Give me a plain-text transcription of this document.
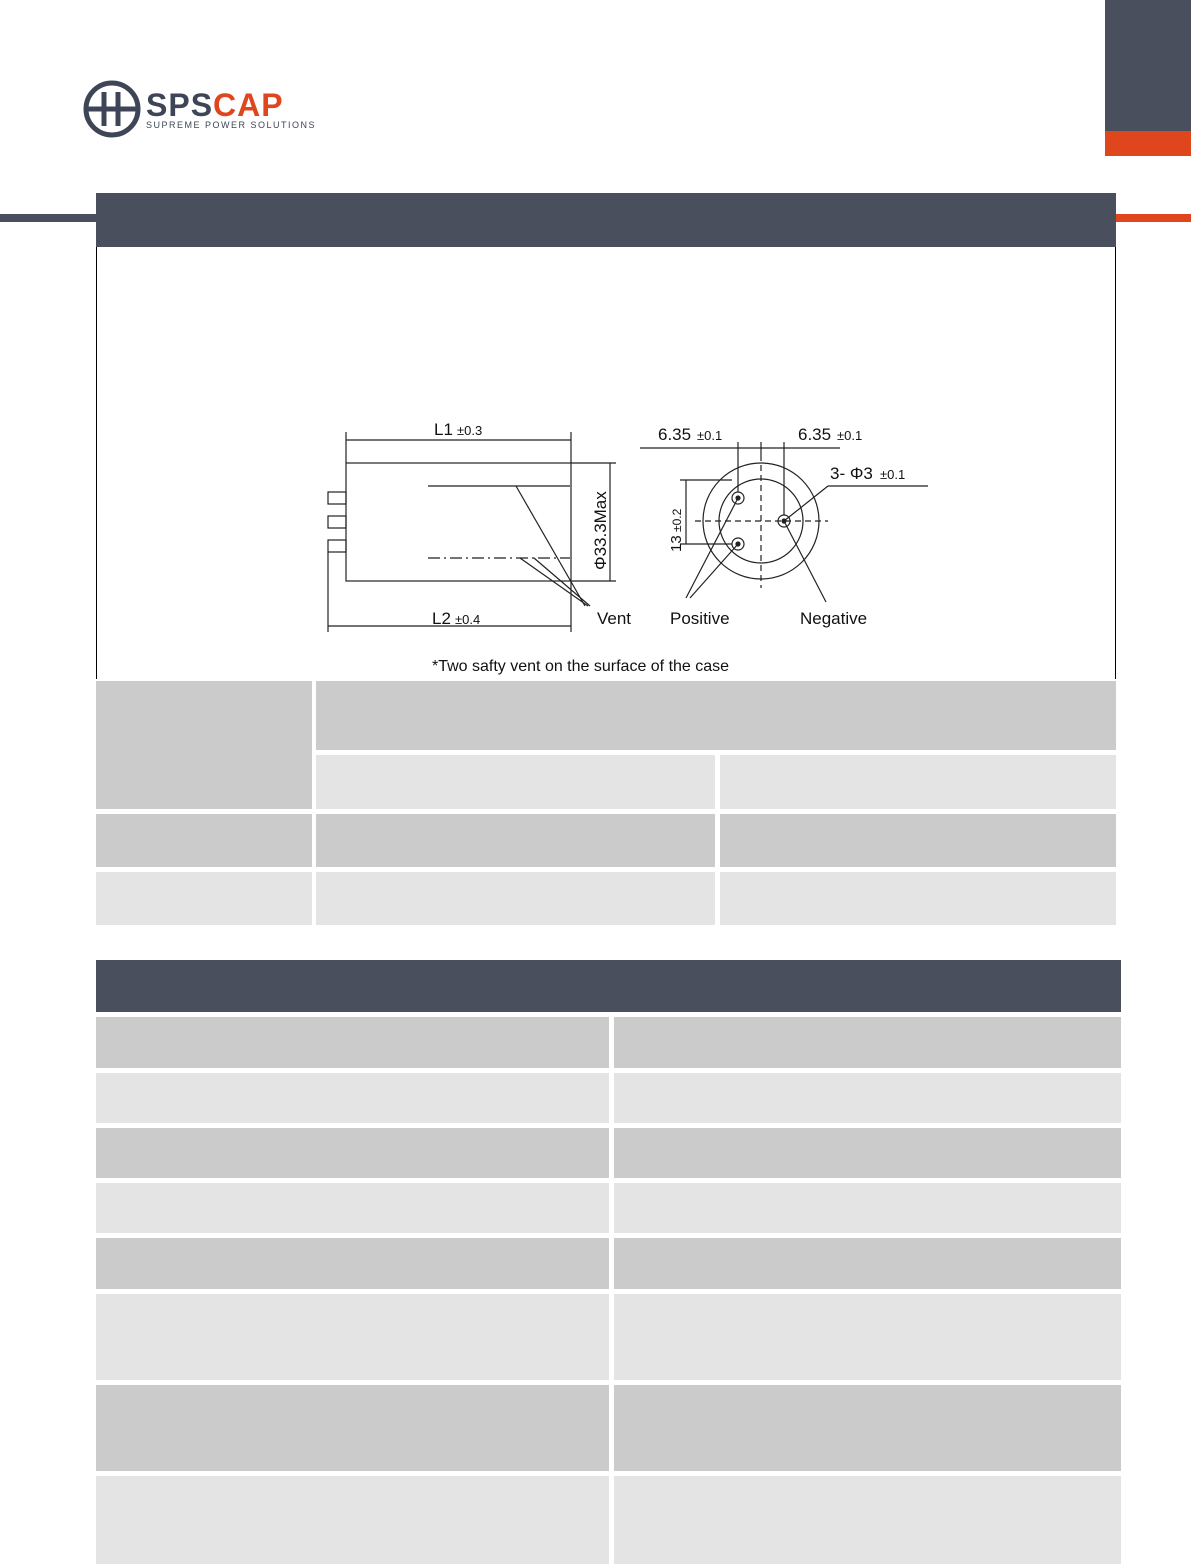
SPSCAP
SUPREME POWER SOLUTIONS
L1 ±0.3
L2 ±0.4
Φ33.3Max
Vent
6.35 ±0.1	6.35 ±0.1
3- Φ3 ±0.1
13
±0.2
Positive	Negative
*Two safty vent on the surface of the case
